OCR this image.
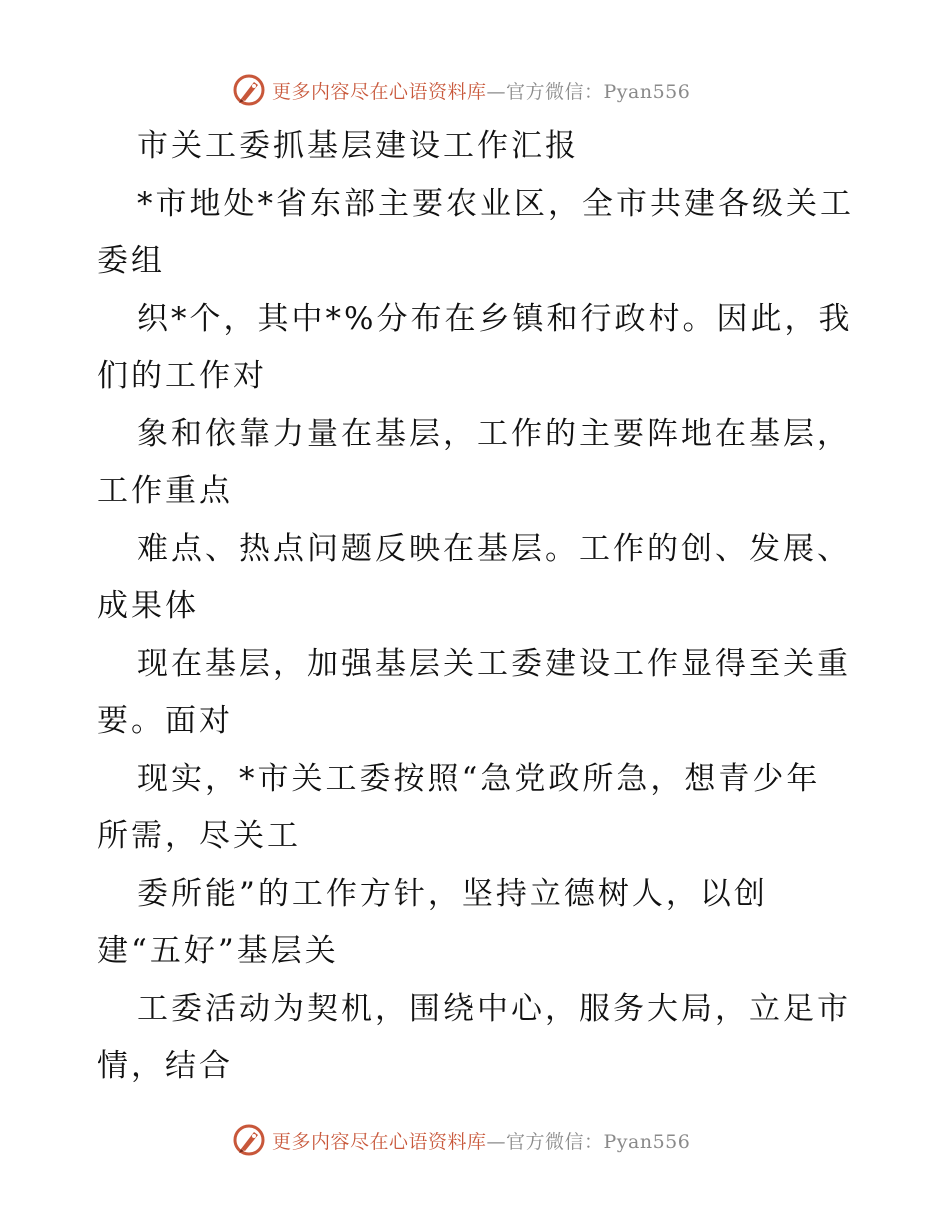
更多内容尽在心语资料库—官方微信：Pyan556
市关工委抓基层建设工作汇报
*市地处*省东部主要农业区，全市共建各级关工
委组
织*个，其中*%分布在乡镇和行政村。因此，我
们的工作对
象和依靠力量在基层，工作的主要阵地在基层，
工作重点
难点、热点问题反映在基层。工作的创、发展、
成果体
现在基层，加强基层关工委建设工作显得至关重
要。面对
现实，*市关工委按照“急党政所急，想青少年
所需，尽关工
委所能”的工作方针，坚持立德树人，以创
建“五好”基层关
工委活动为契机，围绕中心，服务大局，立足市
情，结合
更多内容尽在心语资料库—官方微信：Pyan556
